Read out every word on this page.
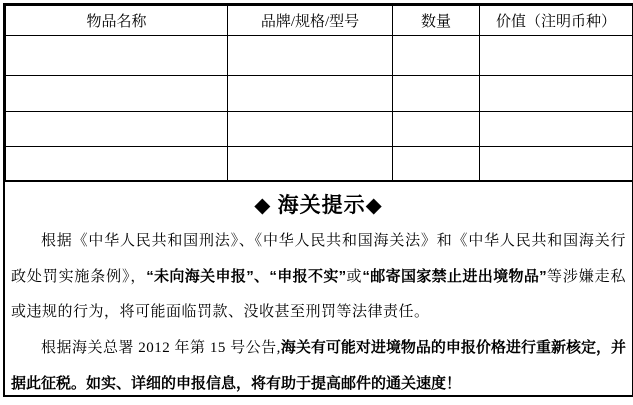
物品名称	品牌/规格/型号	数量	价值（注明币种）

◆ 海关提示◆

根据《中华人民共和国刑法》、《中华人民共和国海关法》和《中华人民共和国海关行政处罚实施条例》，“未向海关申报”、“申报不实”或“邮寄国家禁止进出境物品”等涉嫌走私或违规的行为，将可能面临罚款、没收甚至刑罚等法律责任。

根据海关总署 2012 年第 15 号公告,海关有可能对进境物品的申报价格进行重新核定，并据此征税。如实、详细的申报信息，将有助于提高邮件的通关速度！
